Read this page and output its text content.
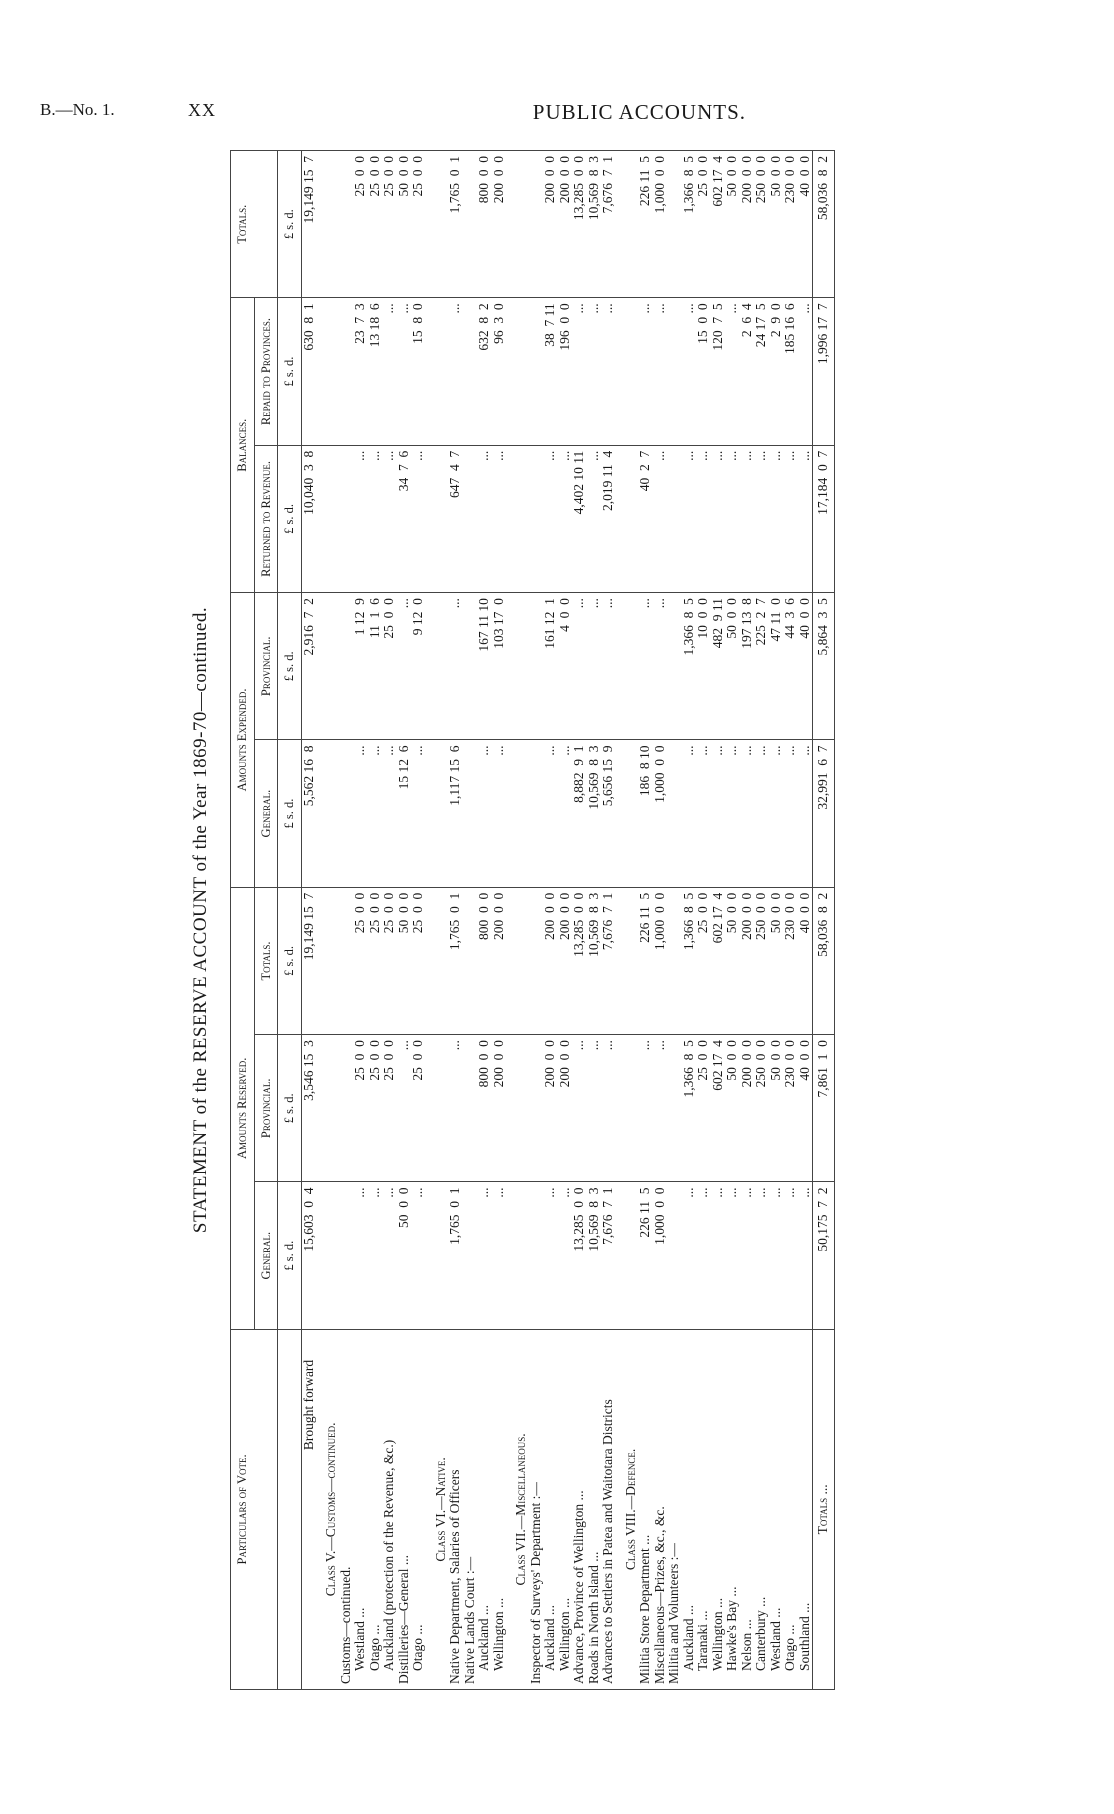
B.—No. 1.	XX	PUBLIC ACCOUNTS.
STATEMENT of the RESERVE ACCOUNT of the Year 1869-70—continued.
Particulars of Vote.	Amounts Reserved.			Amounts Expended.		Balances.		Totals.
	General.	Provincial.	Totals.	General.	Provincial.	Returned to Revenue.	Repaid to Provinces.	
	£ s. d.	£ s. d.	£ s. d.	£ s. d.	£ s. d.	£ s. d.	£ s. d.	£ s. d.
Brought forward	15,603  0  4	3,546 15  3	19,149 15  7	5,562 16  8	2,916  7  2	10,040  3  8	630  8  1	19,149 15  7
Class V.—Customs—continued.								
Customs—continued.								
Westland ...	...	25  0  0	25  0  0	...	1 12  9	...	23  7  3	25  0  0
Otago ...	...	25  0  0	25  0  0	...	11  1  6	...	13 18  6	25  0  0
Auckland (protection of the Revenue, &c.)	...	25  0  0	25  0  0	...	25  0  0	...	...	25  0  0
Distilleries—General ...	50  0  0	...	50  0  0	15 12  6	...	34  7  6	...	50  0  0
Otago ...	...	25  0  0	25  0  0	...	9 12  0	...	15  8  0	25  0  0
Class VI.—Native.								
Native Department, Salaries of Officers	1,765  0  1	...	1,765  0  1	1,117 15  6	...	647  4  7	...	1,765  0  1
Native Lands Court :—								
Auckland ...	...	800  0  0	800  0  0	...	167 11 10	...	632  8  2	800  0  0
Wellington ...	...	200  0  0	200  0  0	...	103 17  0	...	96  3  0	200  0  0
Class VII.—Miscellaneous.								
Inspector of Surveys' Department :—								
Auckland ...	...	200  0  0	200  0  0	...	161 12  1	...	38  7 11	200  0  0
Wellington ...	...	200  0  0	200  0  0	...	4  0  0	...	196  0  0	200  0  0
Advance, Province of Wellington ...	13,285  0  0	...	13,285  0  0	8,882  9  1	...	4,402 10 11	...	13,285  0  0
Roads in North Island ...	10,569  8  3	...	10,569  8  3	10,569  8  3	...	...	...	10,569  8  3
Advances to Settlers in Patea and Waitotara Districts	7,676  7  1	...	7,676  7  1	5,656 15  9	...	2,019 11  4	...	7,676  7  1
Class VIII.—Defence.								
Militia Store Department ...	226 11  5	...	226 11  5	186  8 10	...	40  2  7	...	226 11  5
Miscellaneous—Prizes, &c., &c.	1,000  0  0	...	1,000  0  0	1,000  0  0	...	...	...	1,000  0  0
Militia and Volunteers :—								
Auckland ...	...	1,366  8  5	1,366  8  5	...	1,366  8  5	...	...	1,366  8  5
Taranaki ...	...	25  0  0	25  0  0	...	10  0  0	...	15  0  0	25  0  0
Wellington ...	...	602 17  4	602 17  4	...	482  9 11	...	120  7  5	602 17  4
Hawke's Bay ...	...	50  0  0	50  0  0	...	50  0  0	...	...	50  0  0
Nelson ...	...	200  0  0	200  0  0	...	197 13  8	...	2  6  4	200  0  0
Canterbury ...	...	250  0  0	250  0  0	...	225  2  7	...	24 17  5	250  0  0
Westland ...	...	50  0  0	50  0  0	...	47 11  0	...	2  9  0	50  0  0
Otago ...	...	230  0  0	230  0  0	...	44  3  6	...	185 16  6	230  0  0
Southland ...	...	40  0  0	40  0  0	...	40  0  0	...	...	40  0  0
Totals ...	50,175  7  2	7,861  1  0	58,036  8  2	32,991  6  7	5,864  3  5	17,184  0  7	1,996 17  7	58,036  8  2
